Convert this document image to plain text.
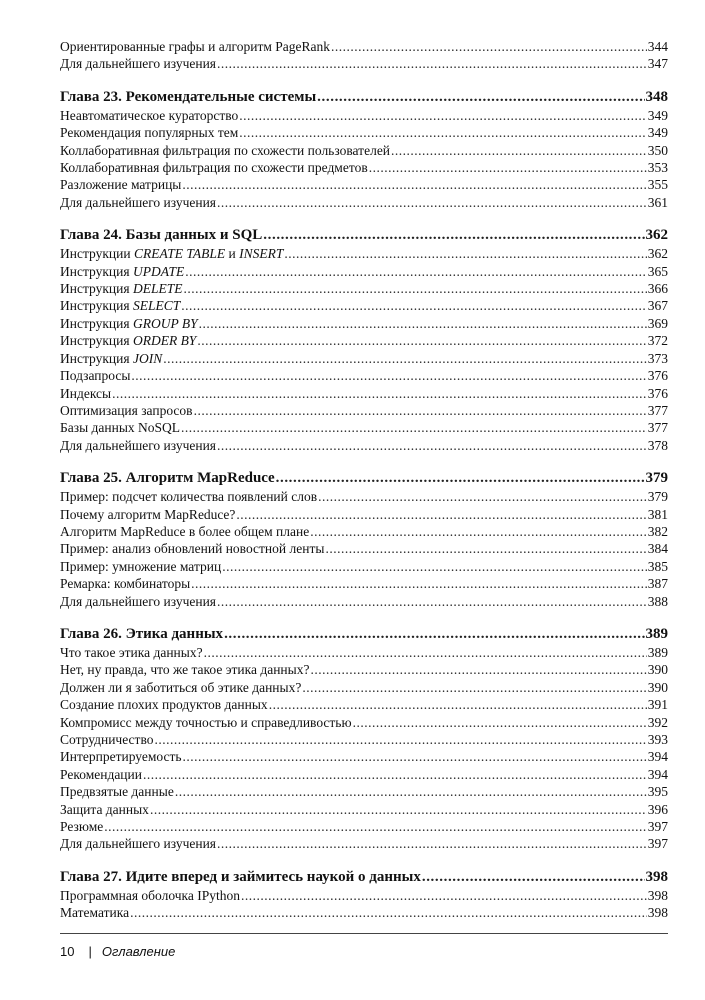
Ориентированные графы и алгоритм PageRank .....	344
Для дальнейшего изучения .....	347
Глава 23. Рекомендательные системы .....	348
Неавтоматическое кураторство .....	349
Рекомендация популярных тем .....	349
Коллаборативная фильтрация по схожести пользователей .....	350
Коллаборативная фильтрация по схожести предметов .....	353
Разложение матрицы .....	355
Для дальнейшего изучения .....	361
Глава 24. Базы данных и SQL .....	362
Инструкции CREATE TABLE и INSERT .....	362
Инструкция UPDATE .....	365
Инструкция DELETE .....	366
Инструкция SELECT .....	367
Инструкция GROUP BY .....	369
Инструкция ORDER BY .....	372
Инструкция JOIN .....	373
Подзапросы .....	376
Индексы .....	376
Оптимизация запросов .....	377
Базы данных NoSQL .....	377
Для дальнейшего изучения .....	378
Глава 25. Алгоритм MapReduce .....	379
Пример: подсчет количества появлений слов .....	379
Почему алгоритм MapReduce? .....	381
Алгоритм MapReduce в более общем плане .....	382
Пример: анализ обновлений новостной ленты .....	384
Пример: умножение матриц .....	385
Ремарка: комбинаторы .....	387
Для дальнейшего изучения .....	388
Глава 26. Этика данных .....	389
Что такое этика данных? .....	389
Нет, ну правда, что же такое этика данных? .....	390
Должен ли я заботиться об этике данных? .....	390
Создание плохих продуктов данных .....	391
Компромисс между точностью и справедливостью .....	392
Сотрудничество .....	393
Интерпретируемость .....	394
Рекомендации .....	394
Предвзятые данные .....	395
Защита данных .....	396
Резюме .....	397
Для дальнейшего изучения .....	397
Глава 27. Идите вперед и займитесь наукой о данных .....	398
Программная оболочка IPython .....	398
Математика .....	398
10 | Оглавление
